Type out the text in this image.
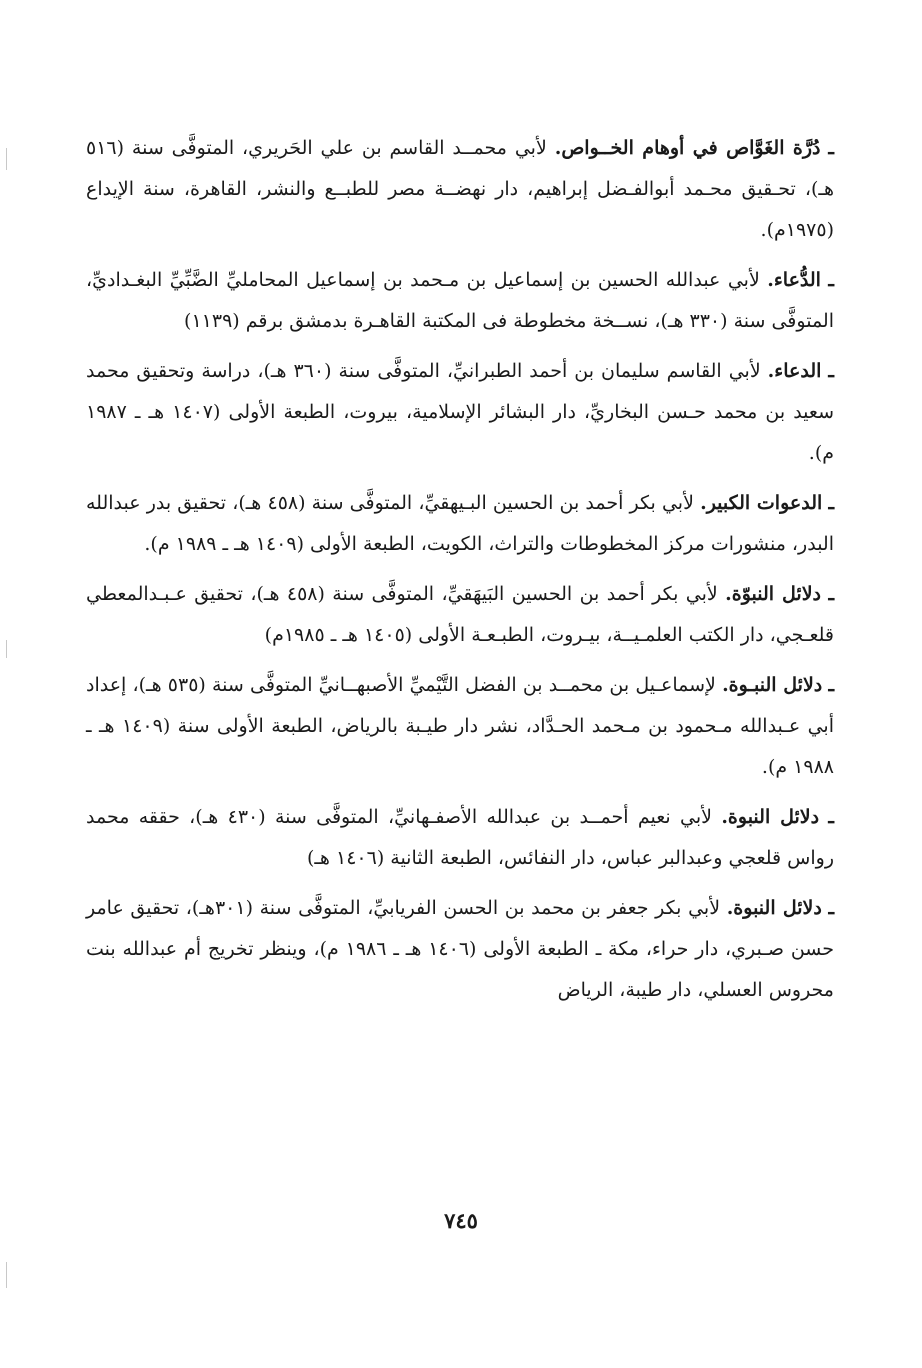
ـ دُرَّة الغَوَّاص في أوهام الخــواص. لأبي محمــد القاسم بن علي الحَريري، المتوفَّى سنة (٥١٦ هـ)، تحـقيق محـمد أبوالفـضل إبراهيم، دار نهضــة مصر للطبــع والنشر، القاهرة، سنة الإيداع (١٩٧٥م).

ـ الدُّعاء. لأبي عبدالله الحسين بن إسماعيل بن مـحمد بن إسماعيل المحامليِّ الضَّبِّيِّ البغـداديِّ، المتوفَّى سنة (٣٣٠ هـ)، نســخة مخطوطة فى المكتبة القاهـرة بدمشق برقم (١١٣٩)

ـ الدعاء. لأبي القاسم سليمان بن أحمد الطبرانيِّ، المتوفَّى سنة (٣٦٠ هـ)، دراسة وتحقيق محمد سعيد بن محمد حـسن البخاريِّ، دار البشائر الإسلامية، بيروت، الطبعة الأولى (١٤٠٧ هـ ـ ١٩٨٧ م).

ـ الدعوات الكبير. لأبي بكر أحمد بن الحسين البـيهقيِّ، المتوفَّى سنة (٤٥٨ هـ)، تحقيق بدر عبدالله البدر، منشورات مركز المخطوطات والتراث، الكويت، الطبعة الأولى (١٤٠٩ هـ ـ ١٩٨٩ م).

ـ دلائل النبوّة. لأبي بكر أحمد بن الحسين البَيهَقيِّ، المتوفَّى سنة (٤٥٨ هـ)، تحقيق عـبـدالمعطي قلعـجي، دار الكتب العلمـيــة، بيـروت، الطبـعـة الأولى (١٤٠٥ هـ ـ ١٩٨٥م)

ـ دلائل النبـوة. لإسماعـيل بن محمــد بن الفضل التَّيْميِّ الأصبهــانيِّ المتوفَّى سنة (٥٣٥ هـ)، إعداد أبي عـبدالله مـحمود بن مـحمد الحـدَّاد، نشر دار طيـبة بالرياض، الطبعة الأولى سنة (١٤٠٩ هـ ـ ١٩٨٨ م).

ـ دلائل النبوة. لأبي نعيم أحمــد بن عبدالله الأصفـهانيِّ، المتوفَّى سنة (٤٣٠ هـ)، حققه محمد رواس قلعجي وعبدالبر عباس، دار النفائس، الطبعة الثانية (١٤٠٦ هـ)

ـ دلائل النبوة. لأبي بكر جعفر بن محمد بن الحسن الفريابيِّ، المتوفَّى سنة (٣٠١هـ)، تحقيق عامر حسن صـبري، دار حراء، مكة ـ الطبعة الأولى (١٤٠٦ هـ ـ ١٩٨٦ م)، وينظر تخريج أم عبدالله بنت محروس العسلي، دار طيبة، الرياض

٧٤٥
